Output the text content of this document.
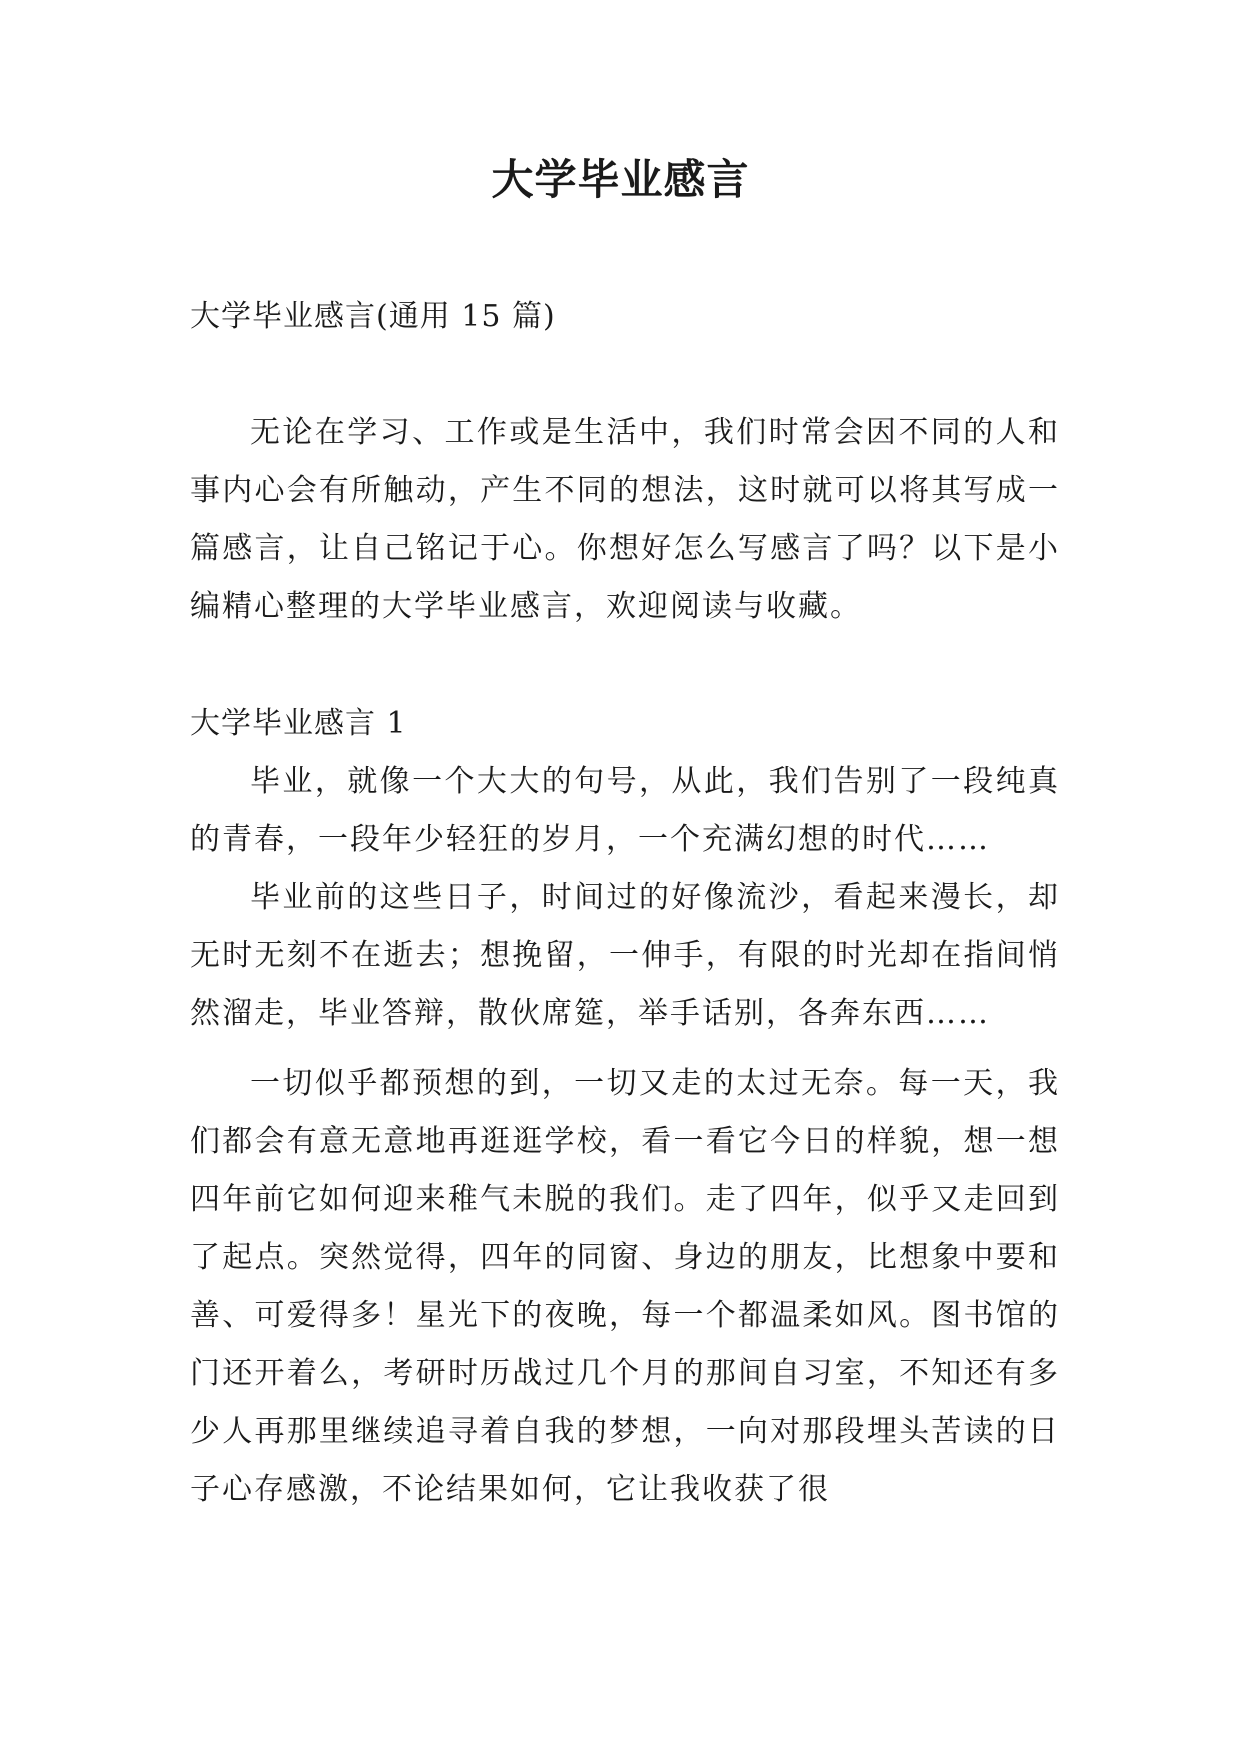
大学毕业感言
大学毕业感言(通用 15 篇)
无论在学习、工作或是生活中，我们时常会因不同的人和事内心会有所触动，产生不同的想法，这时就可以将其写成一篇感言，让自己铭记于心。你想好怎么写感言了吗？以下是小编精心整理的大学毕业感言，欢迎阅读与收藏。
大学毕业感言 1

毕业，就像一个大大的句号，从此，我们告别了一段纯真的青春，一段年少轻狂的岁月，一个充满幻想的时代……

毕业前的这些日子，时间过的好像流沙，看起来漫长，却无时无刻不在逝去；想挽留，一伸手，有限的时光却在指间悄然溜走，毕业答辩，散伙席筵，举手话别，各奔东西……

一切似乎都预想的到，一切又走的太过无奈。每一天，我们都会有意无意地再逛逛学校，看一看它今日的样貌，想一想四年前它如何迎来稚气未脱的我们。走了四年，似乎又走回到了起点。突然觉得，四年的同窗、身边的朋友，比想象中要和善、可爱得多！星光下的夜晚，每一个都温柔如风。图书馆的门还开着么，考研时历战过几个月的那间自习室，不知还有多少人再那里继续追寻着自我的梦想，一向对那段埋头苦读的日子心存感激，不论结果如何，它让我收获了很
